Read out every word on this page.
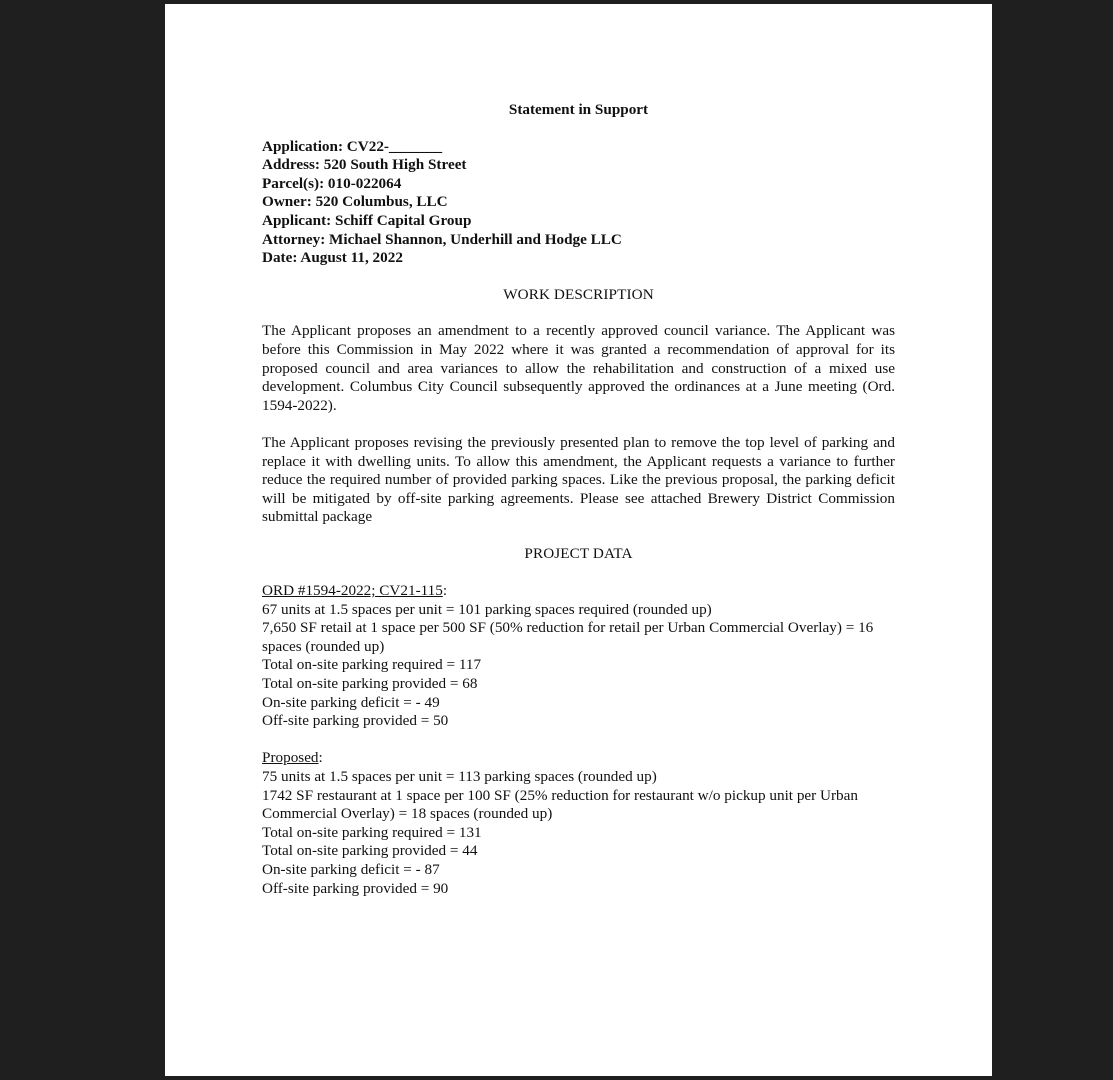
Statement in Support
Application: CV22-_______
Address: 520 South High Street
Parcel(s): 010-022064
Owner: 520 Columbus, LLC
Applicant: Schiff Capital Group
Attorney: Michael Shannon, Underhill and Hodge LLC
Date: August 11, 2022
WORK DESCRIPTION
The Applicant proposes an amendment to a recently approved council variance. The Applicant was before this Commission in May 2022 where it was granted a recommendation of approval for its proposed council and area variances to allow the rehabilitation and construction of a mixed use development. Columbus City Council subsequently approved the ordinances at a June meeting (Ord. 1594-2022).
The Applicant proposes revising the previously presented plan to remove the top level of parking and replace it with dwelling units. To allow this amendment, the Applicant requests a variance to further reduce the required number of provided parking spaces. Like the previous proposal, the parking deficit will be mitigated by off-site parking agreements. Please see attached Brewery District Commission submittal package
PROJECT DATA
ORD #1594-2022; CV21-115:
67 units at 1.5 spaces per unit = 101 parking spaces required (rounded up)
7,650 SF retail at 1 space per 500 SF (50% reduction for retail per Urban Commercial Overlay) = 16 spaces (rounded up)
Total on-site parking required = 117
Total on-site parking provided = 68
On-site parking deficit = - 49
Off-site parking provided = 50
Proposed:
75 units at 1.5 spaces per unit = 113 parking spaces (rounded up)
1742 SF restaurant at 1 space per 100 SF (25% reduction for restaurant w/o pickup unit per Urban Commercial Overlay) = 18 spaces (rounded up)
Total on-site parking required = 131
Total on-site parking provided = 44
On-site parking deficit = - 87
Off-site parking provided = 90
